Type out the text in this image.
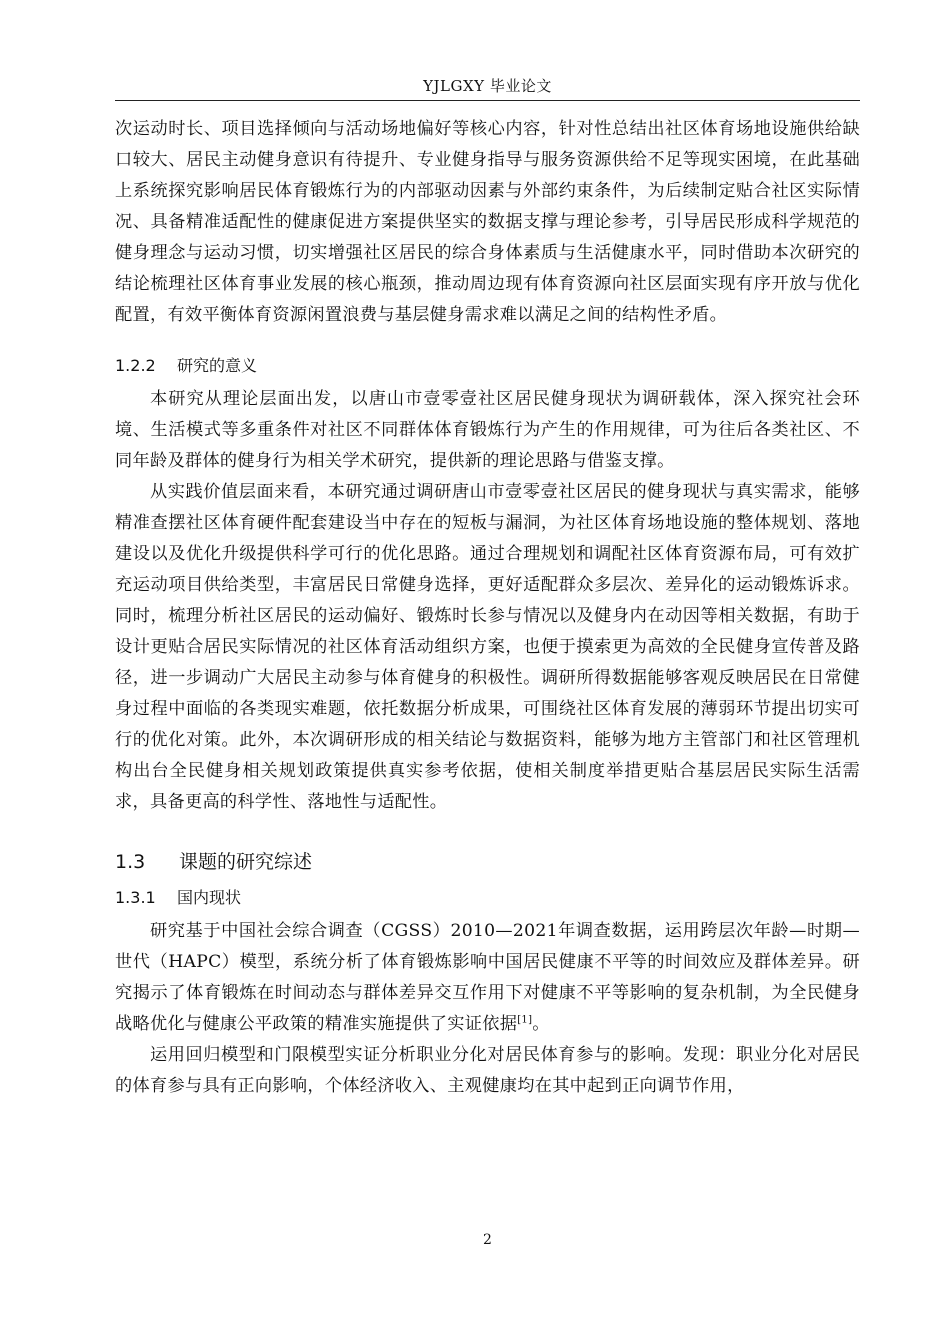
YJLGXY 毕业论文

次运动时长、项目选择倾向与活动场地偏好等核心内容，针对性总结出社区体育场地设施供给缺口较大、居民主动健身意识有待提升、专业健身指导与服务资源供给不足等现实困境，在此基础上系统探究影响居民体育锻炼行为的内部驱动因素与外部约束条件，为后续制定贴合社区实际情况、具备精准适配性的健康促进方案提供坚实的数据支撑与理论参考，引导居民形成科学规范的健身理念与运动习惯，切实增强社区居民的综合身体素质与生活健康水平，同时借助本次研究的结论梳理社区体育事业发展的核心瓶颈，推动周边现有体育资源向社区层面实现有序开放与优化配置，有效平衡体育资源闲置浪费与基层健身需求难以满足之间的结构性矛盾。

1.2.2 研究的意义

本研究从理论层面出发，以唐山市壹零壹社区居民健身现状为调研载体，深入探究社会环境、生活模式等多重条件对社区不同群体体育锻炼行为产生的作用规律，可为往后各类社区、不同年龄及群体的健身行为相关学术研究，提供新的理论思路与借鉴支撑。

从实践价值层面来看，本研究通过调研唐山市壹零壹社区居民的健身现状与真实需求，能够精准查摆社区体育硬件配套建设当中存在的短板与漏洞，为社区体育场地设施的整体规划、落地建设以及优化升级提供科学可行的优化思路。通过合理规划和调配社区体育资源布局，可有效扩充运动项目供给类型，丰富居民日常健身选择，更好适配群众多层次、差异化的运动锻炼诉求。同时，梳理分析社区居民的运动偏好、锻炼时长参与情况以及健身内在动因等相关数据，有助于设计更贴合居民实际情况的社区体育活动组织方案，也便于摸索更为高效的全民健身宣传普及路径，进一步调动广大居民主动参与体育健身的积极性。调研所得数据能够客观反映居民在日常健身过程中面临的各类现实难题，依托数据分析成果，可围绕社区体育发展的薄弱环节提出切实可行的优化对策。此外，本次调研形成的相关结论与数据资料，能够为地方主管部门和社区管理机构出台全民健身相关规划政策提供真实参考依据，使相关制度举措更贴合基层居民实际生活需求，具备更高的科学性、落地性与适配性。

1.3 课题的研究综述
1.3.1 国内现状

研究基于中国社会综合调查（CGSS）2010—2021年调查数据，运用跨层次年龄—时期—世代（HAPC）模型，系统分析了体育锻炼影响中国居民健康不平等的时间效应及群体差异。研究揭示了体育锻炼在时间动态与群体差异交互作用下对健康不平等影响的复杂机制，为全民健身战略优化与健康公平政策的精准实施提供了实证依据[1]。

运用回归模型和门限模型实证分析职业分化对居民体育参与的影响。发现：职业分化对居民的体育参与具有正向影响，个体经济收入、主观健康均在其中起到正向调节作用，

2
